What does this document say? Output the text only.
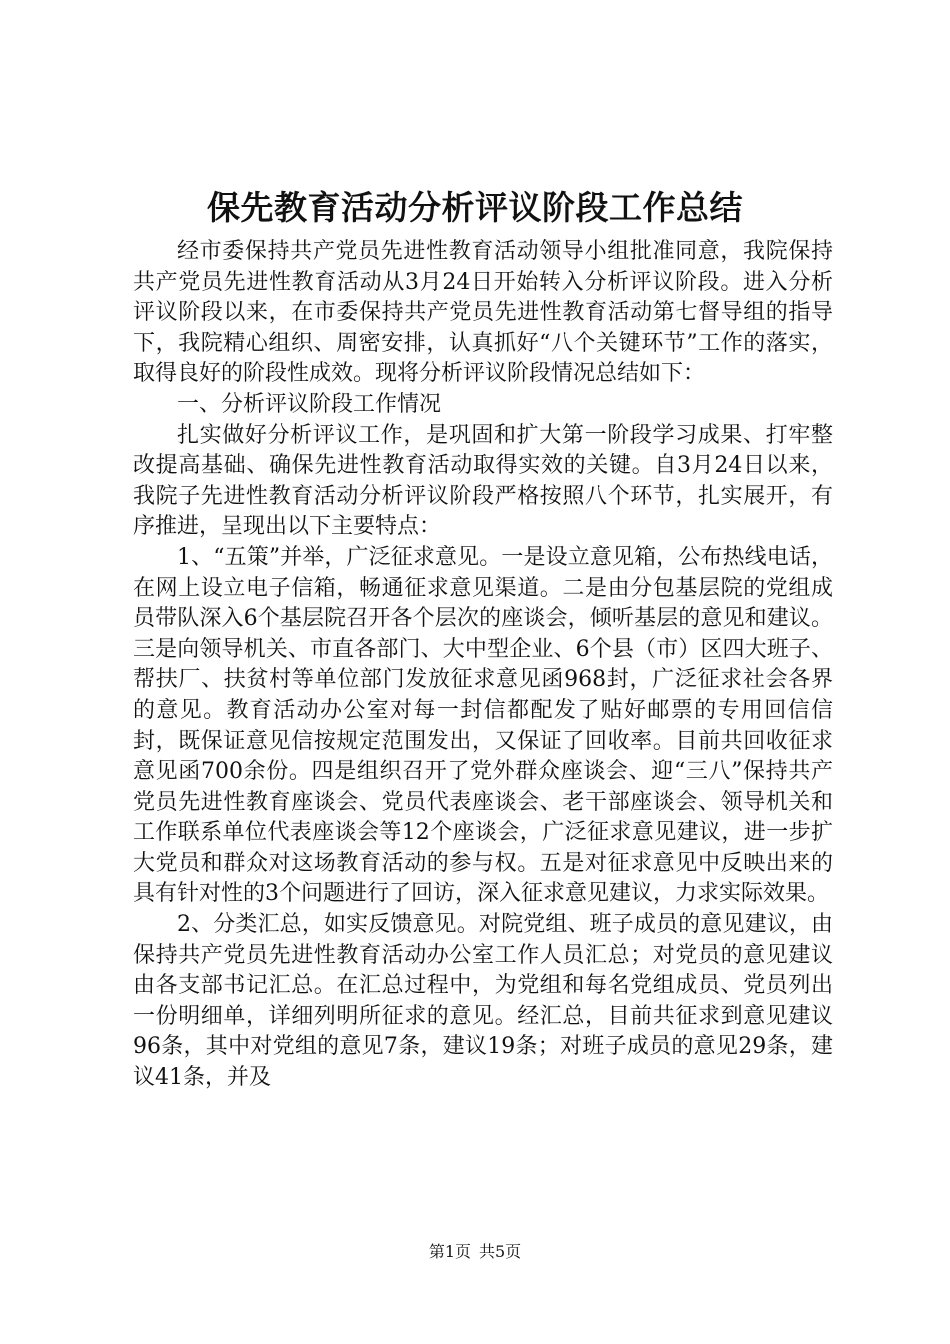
保先教育活动分析评议阶段工作总结

经市委保持共产党员先进性教育活动领导小组批准同意，我院保持共产党员先进性教育活动从3月24日开始转入分析评议阶段。进入分析评议阶段以来，在市委保持共产党员先进性教育活动第七督导组的指导下，我院精心组织、周密安排，认真抓好“八个关键环节”工作的落实，取得良好的阶段性成效。现将分析评议阶段情况总结如下：

一、分析评议阶段工作情况

扎实做好分析评议工作，是巩固和扩大第一阶段学习成果、打牢整改提高基础、确保先进性教育活动取得实效的关键。自3月24日以来，我院子先进性教育活动分析评议阶段严格按照八个环节，扎实展开，有序推进，呈现出以下主要特点：

1、“五策”并举，广泛征求意见。一是设立意见箱，公布热线电话，在网上设立电子信箱，畅通征求意见渠道。二是由分包基层院的党组成员带队深入6个基层院召开各个层次的座谈会，倾听基层的意见和建议。三是向领导机关、市直各部门、大中型企业、6个县（市）区四大班子、帮扶厂、扶贫村等单位部门发放征求意见函968封，广泛征求社会各界的意见。教育活动办公室对每一封信都配发了贴好邮票的专用回信信封，既保证意见信按规定范围发出，又保证了回收率。目前共回收征求意见函700余份。四是组织召开了党外群众座谈会、迎“三八”保持共产党员先进性教育座谈会、党员代表座谈会、老干部座谈会、领导机关和工作联系单位代表座谈会等12个座谈会，广泛征求意见建议，进一步扩大党员和群众对这场教育活动的参与权。五是对征求意见中反映出来的具有针对性的3个问题进行了回访，深入征求意见建议，力求实际效果。

2、分类汇总，如实反馈意见。对院党组、班子成员的意见建议，由保持共产党员先进性教育活动办公室工作人员汇总；对党员的意见建议由各支部书记汇总。在汇总过程中，为党组和每名党组成员、党员列出一份明细单，详细列明所征求的意见。经汇总，目前共征求到意见建议96条，其中对党组的意见7条，建议19条；对班子成员的意见29条，建议41条，并及

第1页 共5页
